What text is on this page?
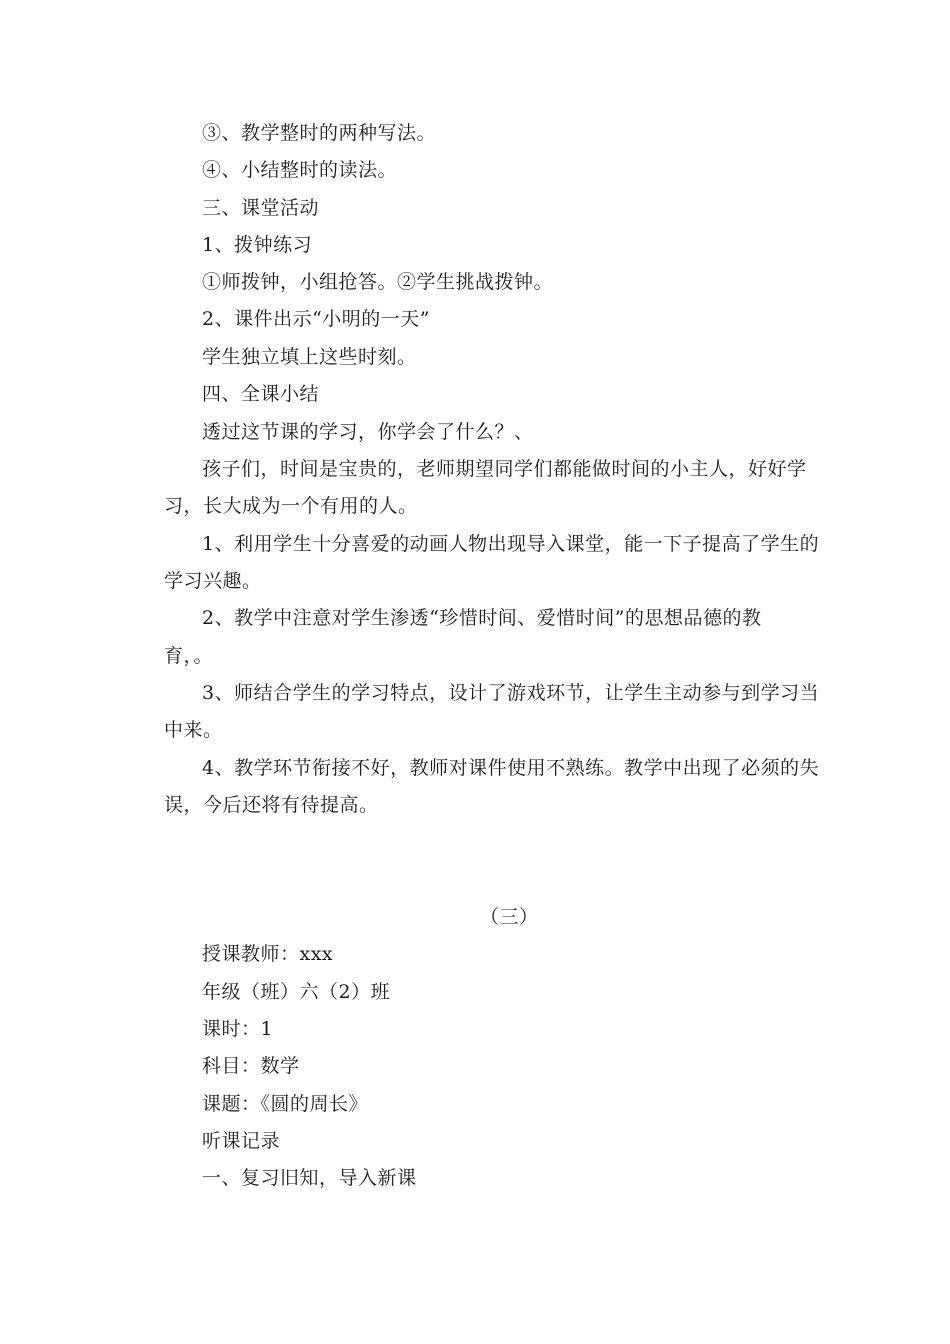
③、教学整时的两种写法。
④、小结整时的读法。
三、课堂活动
1、拨钟练习
①师拨钟，小组抢答。②学生挑战拨钟。
2、课件出示“小明的一天”
学生独立填上这些时刻。
四、全课小结
透过这节课的学习，你学会了什么？、
孩子们，时间是宝贵的，老师期望同学们都能做时间的小主人，好好学
习，长大成为一个有用的人。
1、利用学生十分喜爱的动画人物出现导入课堂，能一下子提高了学生的
学习兴趣。
2、教学中注意对学生渗透“珍惜时间、爱惜时间”的思想品德的教
育，。
3、师结合学生的学习特点，设计了游戏环节，让学生主动参与到学习当
中来。
4、教学环节衔接不好，教师对课件使用不熟练。教学中出现了必须的失
误，今后还将有待提高。
（三）
授课教师：xxx
年级（班）六（2）班
课时：1
科目：数学
课题：《圆的周长》
听课记录
一、复习旧知，导入新课
